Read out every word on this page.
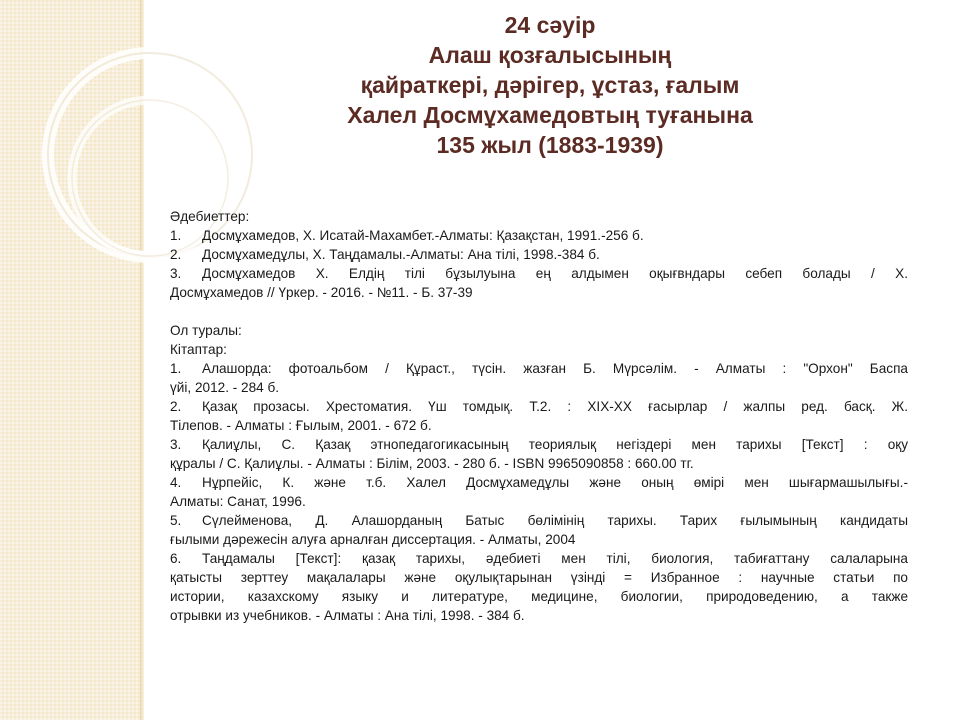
24 сәуір
Алаш қозғалысының
қайраткері, дәрігер, ұстаз, ғалым
Халел Досмұхамедовтың туғанына
135 жыл (1883-1939)
Әдебиеттер:
1. Досмұхамедов, Х. Исатай-Махамбет.-Алматы: Қазақстан, 1991.-256 б.
2. Досмұхамедұлы, Х. Таңдамалы.-Алматы: Ана тілі, 1998.-384 б.
3. Досмұхамедов Х. Елдің тілі бұзылуына ең алдымен оқығвндары себеп болады / Х.
Досмұхамедов // Үркер. - 2016. - №11. - Б. 37-39
Ол туралы:
Кітаптар:
1. Алашорда: фотоальбом / Құраст., түсін. жазған Б. Мүрсәлім. - Алматы : "Орхон" Баспа
үйі, 2012. - 284 б.
2. Қазақ прозасы. Хрестоматия. Үш томдық. Т.2. : XIX-XX ғасырлар / жалпы ред. басқ. Ж.
Тілепов. - Алматы : Ғылым, 2001. - 672 б.
3. Қалиұлы, С. Қазақ этнопедагогикасының теориялық негіздері мен тарихы [Текст] : оқу
құралы / С. Қалиұлы. - Алматы : Білім, 2003. - 280 б. - ISBN 9965090858 : 660.00 тг.
4. Нұрпейіс, К. және т.б. Халел Досмұхамедұлы және оның өмірі мен шығармашылығы.-
Алматы: Санат, 1996.
5. Сүлейменова, Д. Алашорданың Батыс бөлімінің тарихы. Тарих ғылымының кандидаты
ғылыми дәрежесін алуға арналған диссертация. - Алматы, 2004
6. Таңдамалы [Текст]: қазақ тарихы, әдебиеті мен тілі, биология, табиғаттану салаларына
қатысты зерттеу мақалалары және оқулықтарынан үзінді = Избранное : научные статьи по
истории, казахскому языку и литературе, медицине, биологии, природоведению, а также
отрывки из учебников. - Алматы : Ана тілі, 1998. - 384 б.
